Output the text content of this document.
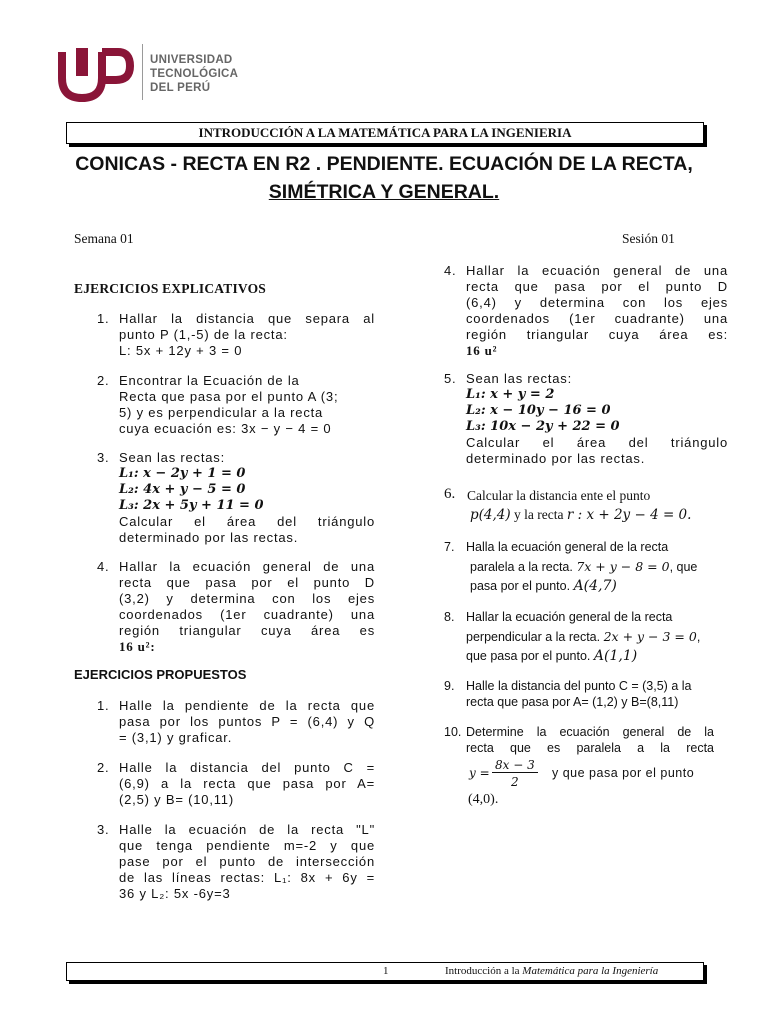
UNIVERSIDAD
TECNOLÓGICA
DEL PERÚ
INTRODUCCIÓN A LA MATEMÁTICA PARA LA INGENIERIA
CONICAS - RECTA EN R2 . PENDIENTE. ECUACIÓN DE LA RECTA,
SIMÉTRICA Y GENERAL.
Semana 01	Sesión 01
EJERCICIOS EXPLICATIVOS
1. Hallar la distancia que separa al
punto P (1,-5) de la recta:
L: 5x + 12y + 3 = 0
2. Encontrar la Ecuación de la
Recta que pasa por el punto A (3;
5) y es perpendicular a la recta
cuya ecuación es: 3x − y − 4 = 0
3. Sean las rectas:
L₁: x − 2y + 1 = 0
L₂: 4x + y − 5 = 0
L₃: 2x + 5y + 11 = 0
Calcular el área del triángulo
determinado por las rectas.
4. Hallar la ecuación general de una
recta que pasa por el punto D
(3,2) y determina con los ejes
coordenados (1er cuadrante) una
región triangular cuya área es
16 u²:
EJERCICIOS PROPUESTOS
1. Halle la pendiente de la recta que
pasa por los puntos P = (6,4) y Q
= (3,1) y graficar.
2. Halle la distancia del punto C =
(6,9) a la recta que pasa por A=
(2,5) y B= (10,11)
3. Halle la ecuación de la recta "L"
que tenga pendiente m=-2 y que
pase por el punto de intersección
de las líneas rectas: L₁: 8x + 6y =
36 y L₂: 5x -6y=3
4. Hallar la ecuación general de una
recta que pasa por el punto D
(6,4) y determina con los ejes
coordenados (1er cuadrante) una
región triangular cuya área es:
16 u²
5. Sean las rectas:
L₁: x + y = 2
L₂: x − 10y − 16 = 0
L₃: 10x − 2y + 22 = 0
Calcular el área del triángulo
determinado por las rectas.
6. Calcular la distancia ente el punto
p(4,4) y la recta r : x + 2y − 4 = 0.
7. Halla la ecuación general de la recta
paralela a la recta. 7x + y − 8 = 0, que
pasa por el punto. A(4,7)
8. Hallar la ecuación general de la recta
perpendicular a la recta. 2x + y − 3 = 0,
que pasa por el punto. A(1,1)
9. Halle la distancia del punto C = (3,5) a la
recta que pasa por A= (1,2) y B=(8,11)
10. Determine la ecuación general de la
recta que es paralela a la recta
y =
8x − 3
2
y que pasa por el punto
(4,0).
1	Introducción a la Matemática para la Ingeniería
